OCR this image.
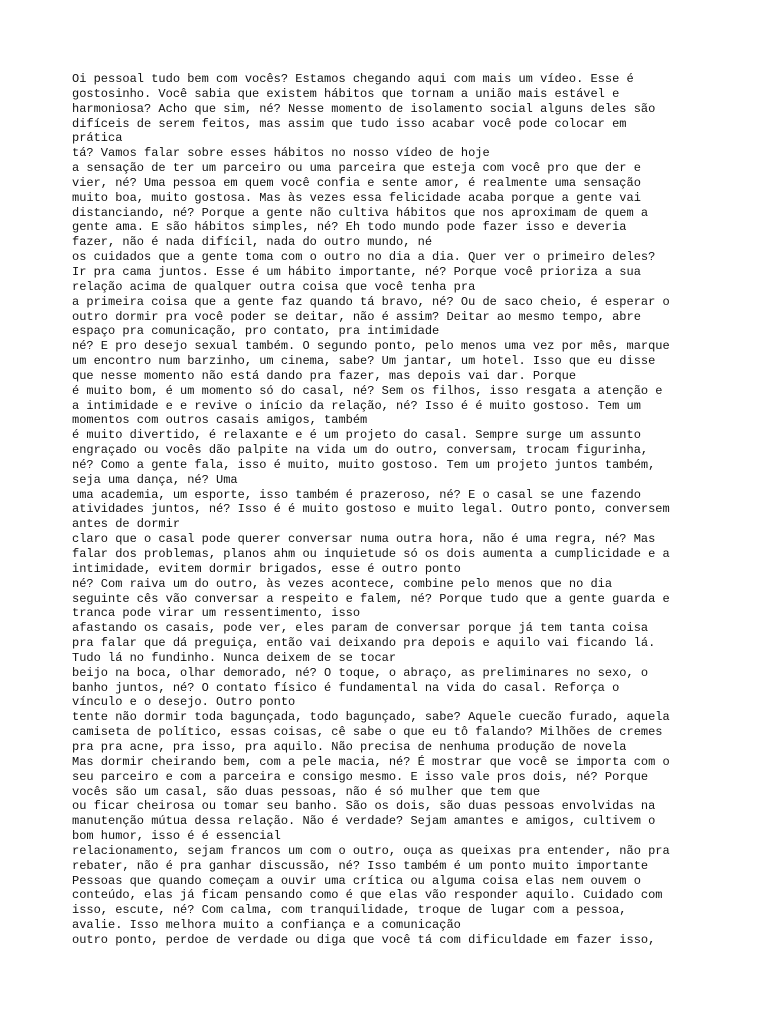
Oi pessoal tudo bem com vocês? Estamos chegando aqui com mais um vídeo. Esse é
gostosinho. Você sabia que existem hábitos que tornam a união mais estável e
harmoniosa? Acho que sim, né? Nesse momento de isolamento social alguns deles são
difíceis de serem feitos, mas assim que tudo isso acabar você pode colocar em
prática
tá? Vamos falar sobre esses hábitos no nosso vídeo de hoje
a sensação de ter um parceiro ou uma parceira que esteja com você pro que der e
vier, né? Uma pessoa em quem você confia e sente amor, é realmente uma sensação
muito boa, muito gostosa. Mas às vezes essa felicidade acaba porque a gente vai
distanciando, né? Porque a gente não cultiva hábitos que nos aproximam de quem a
gente ama. E são hábitos simples, né? Eh todo mundo pode fazer isso e deveria
fazer, não é nada difícil, nada do outro mundo, né
os cuidados que a gente toma com o outro no dia a dia. Quer ver o primeiro deles?
Ir pra cama juntos. Esse é um hábito importante, né? Porque você prioriza a sua
relação acima de qualquer outra coisa que você tenha pra
a primeira coisa que a gente faz quando tá bravo, né? Ou de saco cheio, é esperar o
outro dormir pra você poder se deitar, não é assim? Deitar ao mesmo tempo, abre
espaço pra comunicação, pro contato, pra intimidade
né? E pro desejo sexual também. O segundo ponto, pelo menos uma vez por mês, marque
um encontro num barzinho, um cinema, sabe? Um jantar, um hotel. Isso que eu disse
que nesse momento não está dando pra fazer, mas depois vai dar. Porque
é muito bom, é um momento só do casal, né? Sem os filhos, isso resgata a atenção e
a intimidade e e revive o início da relação, né? Isso é é muito gostoso. Tem um
momentos com outros casais amigos, também
é muito divertido, é relaxante e é um projeto do casal. Sempre surge um assunto
engraçado ou vocês dão palpite na vida um do outro, conversam, trocam figurinha,
né? Como a gente fala, isso é muito, muito gostoso. Tem um projeto juntos também,
seja uma dança, né? Uma
uma academia, um esporte, isso também é prazeroso, né? E o casal se une fazendo
atividades juntos, né? Isso é é muito gostoso e muito legal. Outro ponto, conversem
antes de dormir
claro que o casal pode querer conversar numa outra hora, não é uma regra, né? Mas
falar dos problemas, planos ahm ou inquietude só os dois aumenta a cumplicidade e a
intimidade, evitem dormir brigados, esse é outro ponto
né? Com raiva um do outro, às vezes acontece, combine pelo menos que no dia
seguinte cês vão conversar a respeito e falem, né? Porque tudo que a gente guarda e
tranca pode virar um ressentimento, isso
afastando os casais, pode ver, eles param de conversar porque já tem tanta coisa
pra falar que dá preguiça, então vai deixando pra depois e aquilo vai ficando lá.
Tudo lá no fundinho. Nunca deixem de se tocar
beijo na boca, olhar demorado, né? O toque, o abraço, as preliminares no sexo, o
banho juntos, né? O contato físico é fundamental na vida do casal. Reforça o
vínculo e o desejo. Outro ponto
tente não dormir toda bagunçada, todo bagunçado, sabe? Aquele cuecão furado, aquela
camiseta de político, essas coisas, cê sabe o que eu tô falando? Milhões de cremes
pra pra acne, pra isso, pra aquilo. Não precisa de nenhuma produção de novela
Mas dormir cheirando bem, com a pele macia, né? É mostrar que você se importa com o
seu parceiro e com a parceira e consigo mesmo. E isso vale pros dois, né? Porque
vocês são um casal, são duas pessoas, não é só mulher que tem que
ou ficar cheirosa ou tomar seu banho. São os dois, são duas pessoas envolvidas na
manutenção mútua dessa relação. Não é verdade? Sejam amantes e amigos, cultivem o
bom humor, isso é é essencial
relacionamento, sejam francos um com o outro, ouça as queixas pra entender, não pra
rebater, não é pra ganhar discussão, né? Isso também é um ponto muito importante
Pessoas que quando começam a ouvir uma crítica ou alguma coisa elas nem ouvem o
conteúdo, elas já ficam pensando como é que elas vão responder aquilo. Cuidado com
isso, escute, né? Com calma, com tranquilidade, troque de lugar com a pessoa,
avalie. Isso melhora muito a confiança e a comunicação
outro ponto, perdoe de verdade ou diga que você tá com dificuldade em fazer isso,
